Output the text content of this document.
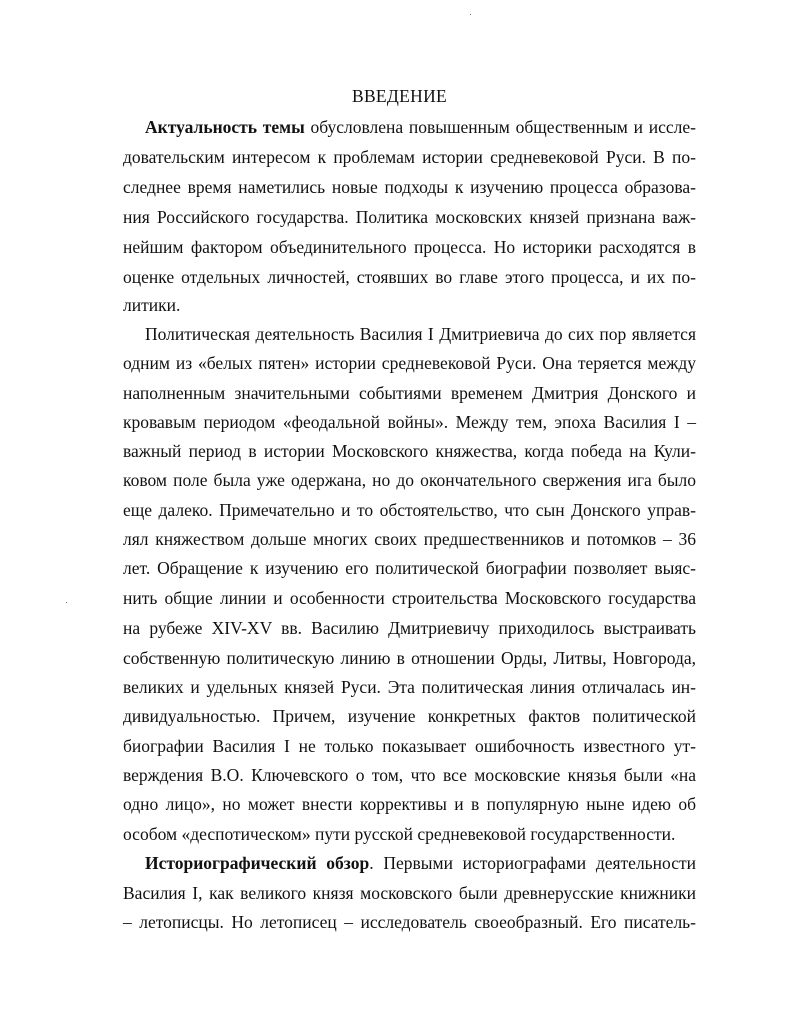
ВВЕДЕНИЕ
Актуальность темы обусловлена повышенным общественным и иссле-
довательским интересом к проблемам истории средневековой Руси. В по-
следнее время наметились новые подходы к изучению процесса образова-
ния Российского государства. Политика московских князей признана важ-
нейшим фактором объединительного процесса. Но историки расходятся в
оценке отдельных личностей, стоявших во главе этого процесса, и их по-
литики.
Политическая деятельность Василия I Дмитриевича до сих пор является
одним из «белых пятен» истории средневековой Руси. Она теряется между
наполненным значительными событиями временем Дмитрия Донского и
кровавым периодом «феодальной войны». Между тем, эпоха Василия I –
важный период в истории Московского княжества, когда победа на Кули-
ковом поле была уже одержана, но до окончательного свержения ига было
еще далеко. Примечательно и то обстоятельство, что сын Донского управ-
лял княжеством дольше многих своих предшественников и потомков – 36
лет. Обращение к изучению его политической биографии позволяет выяс-
нить общие линии и особенности строительства Московского государства
на рубеже XIV-XV вв. Василию Дмитриевичу приходилось выстраивать
собственную политическую линию в отношении Орды, Литвы, Новгорода,
великих и удельных князей Руси. Эта политическая линия отличалась ин-
дивидуальностью. Причем, изучение конкретных фактов политической
биографии Василия I не только показывает ошибочность известного ут-
верждения В.О. Ключевского о том, что все московские князья были «на
одно лицо», но может внести коррективы и в популярную ныне идею об
особом «деспотическом» пути русской средневековой государственности.
Историографический обзор. Первыми историографами деятельности
Василия I, как великого князя московского были древнерусские книжники
– летописцы. Но летописец – исследователь своеобразный. Его писатель-
